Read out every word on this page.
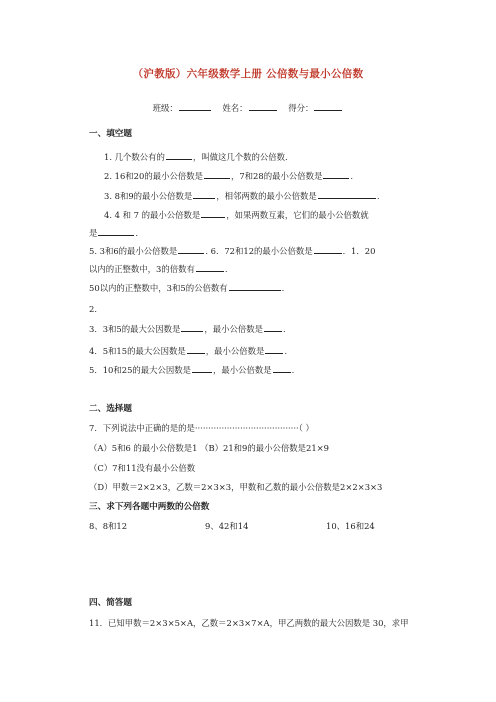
（沪教版）六年级数学上册 公倍数与最小公倍数
班级：	姓名：	得分：
一、填空题
1. 几个数公有的	，叫做这几个数的公倍数.
2. 16和20的最小公倍数是	，7和28的最小公倍数是	.
3. 8和9的最小公倍数是	，相邻两数的最小公倍数是	.
4. 4 和 7 的最小公倍数是	，如果两数互素，它们的最小公倍数就
是	.
5. 3和6的最小公倍数是	. 6．72和12的最小公倍数是	．1．20
以内的正整数中，3的倍数有	.
50以内的正整数中，3和5的公倍数有	.
2．
3．3和5的最大公因数是	，最小公倍数是 .
4．5和15的最大公因数是 ，最小公倍数是 .
5．10和25的最大公因数是	，最小公倍数是 .
二、选择题
7．下列说法中正确的是的是·······································（ ）
（A）5和6 的最小公倍数是1 （B）21和9的最小公倍数是21×9
（C）7和11没有最小公倍数
（D）甲数＝2×2×3，乙数＝2×3×3，甲数和乙数的最小公倍数是2×2×3×3
三、求下列各题中两数的公倍数
8、8和12	9、42和14	10、16和24
四、简答题
11．已知甲数＝2×3×5×A，乙数＝2×3×7×A，甲乙两数的最大公因数是 30，求甲
